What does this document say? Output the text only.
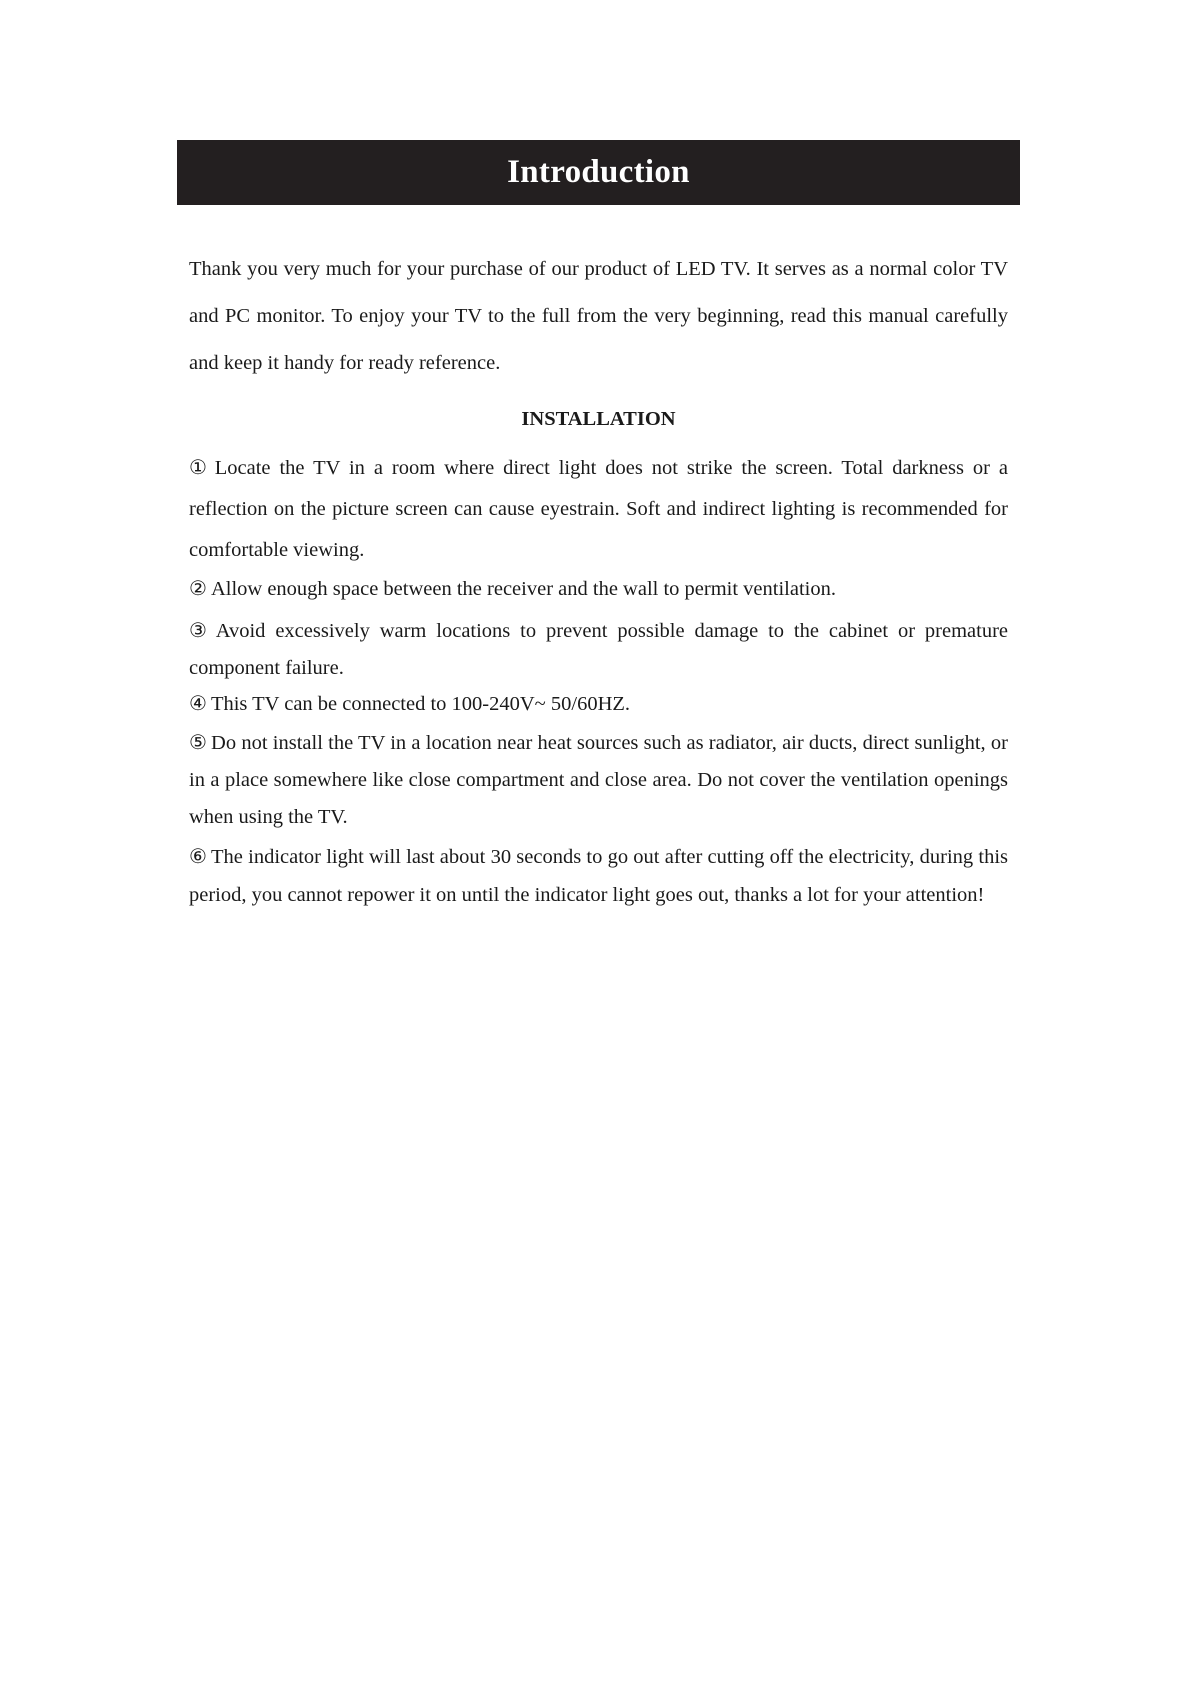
Introduction

Thank you very much for your purchase of our product of LED TV. It serves as a normal color TV and PC monitor. To enjoy your TV to the full from the very beginning, read this manual carefully and keep it handy for ready reference.

INSTALLATION

① Locate the TV in a room where direct light does not strike the screen. Total darkness or a reflection on the picture screen can cause eyestrain. Soft and indirect lighting is recommended for comfortable viewing.

② Allow enough space between the receiver and the wall to permit ventilation.

③ Avoid excessively warm locations to prevent possible damage to the cabinet or premature component failure.

④ This TV can be connected to 100-240V~ 50/60HZ.

⑤ Do not install the TV in a location near heat sources such as radiator, air ducts, direct sunlight, or in a place somewhere like close compartment and close area. Do not cover the ventilation openings when using the TV.

⑥ The indicator light will last about 30 seconds to go out after cutting off the electricity, during this period, you cannot repower it on until the indicator light goes out, thanks a lot for your attention!
